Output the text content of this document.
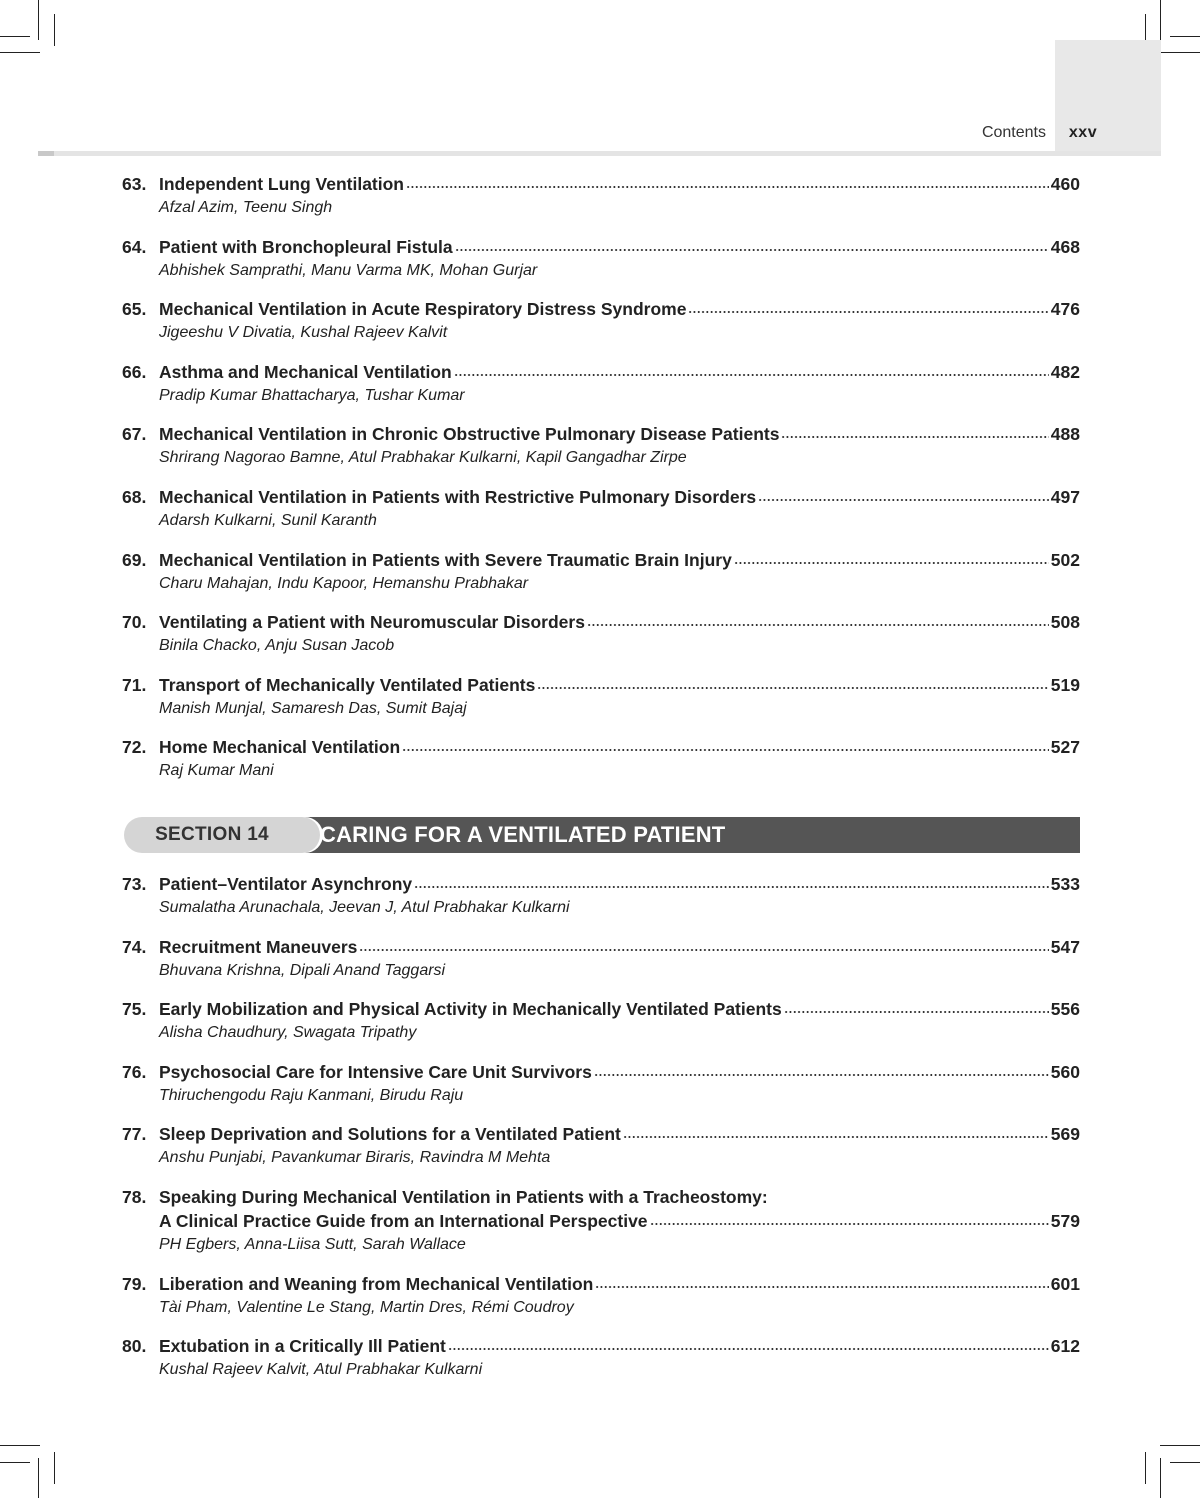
Contents	xxv
63. Independent Lung Ventilation	460
Afzal Azim, Teenu Singh
64. Patient with Bronchopleural Fistula	468
Abhishek Samprathi, Manu Varma MK, Mohan Gurjar
65. Mechanical Ventilation in Acute Respiratory Distress Syndrome	476
Jigeeshu V Divatia, Kushal Rajeev Kalvit
66. Asthma and Mechanical Ventilation	482
Pradip Kumar Bhattacharya, Tushar Kumar
67. Mechanical Ventilation in Chronic Obstructive Pulmonary Disease Patients	488
Shrirang Nagorao Bamne, Atul Prabhakar Kulkarni, Kapil Gangadhar Zirpe
68. Mechanical Ventilation in Patients with Restrictive Pulmonary Disorders	497
Adarsh Kulkarni, Sunil Karanth
69. Mechanical Ventilation in Patients with Severe Traumatic Brain Injury	502
Charu Mahajan, Indu Kapoor, Hemanshu Prabhakar
70. Ventilating a Patient with Neuromuscular Disorders	508
Binila Chacko, Anju Susan Jacob
71. Transport of Mechanically Ventilated Patients	519
Manish Munjal, Samaresh Das, Sumit Bajaj
72. Home Mechanical Ventilation	527
Raj Kumar Mani
SECTION 14	CARING FOR A VENTILATED PATIENT
73. Patient–Ventilator Asynchrony	533
Sumalatha Arunachala, Jeevan J, Atul Prabhakar Kulkarni
74. Recruitment Maneuvers	547
Bhuvana Krishna, Dipali Anand Taggarsi
75. Early Mobilization and Physical Activity in Mechanically Ventilated Patients	556
Alisha Chaudhury, Swagata Tripathy
76. Psychosocial Care for Intensive Care Unit Survivors	560
Thiruchengodu Raju Kanmani, Birudu Raju
77. Sleep Deprivation and Solutions for a Ventilated Patient	569
Anshu Punjabi, Pavankumar Biraris, Ravindra M Mehta
78. Speaking During Mechanical Ventilation in Patients with a Tracheostomy:
A Clinical Practice Guide from an International Perspective	579
PH Egbers, Anna-Liisa Sutt, Sarah Wallace
79. Liberation and Weaning from Mechanical Ventilation	601
Tài Pham, Valentine Le Stang, Martin Dres, Rémi Coudroy
80. Extubation in a Critically Ill Patient	612
Kushal Rajeev Kalvit, Atul Prabhakar Kulkarni
